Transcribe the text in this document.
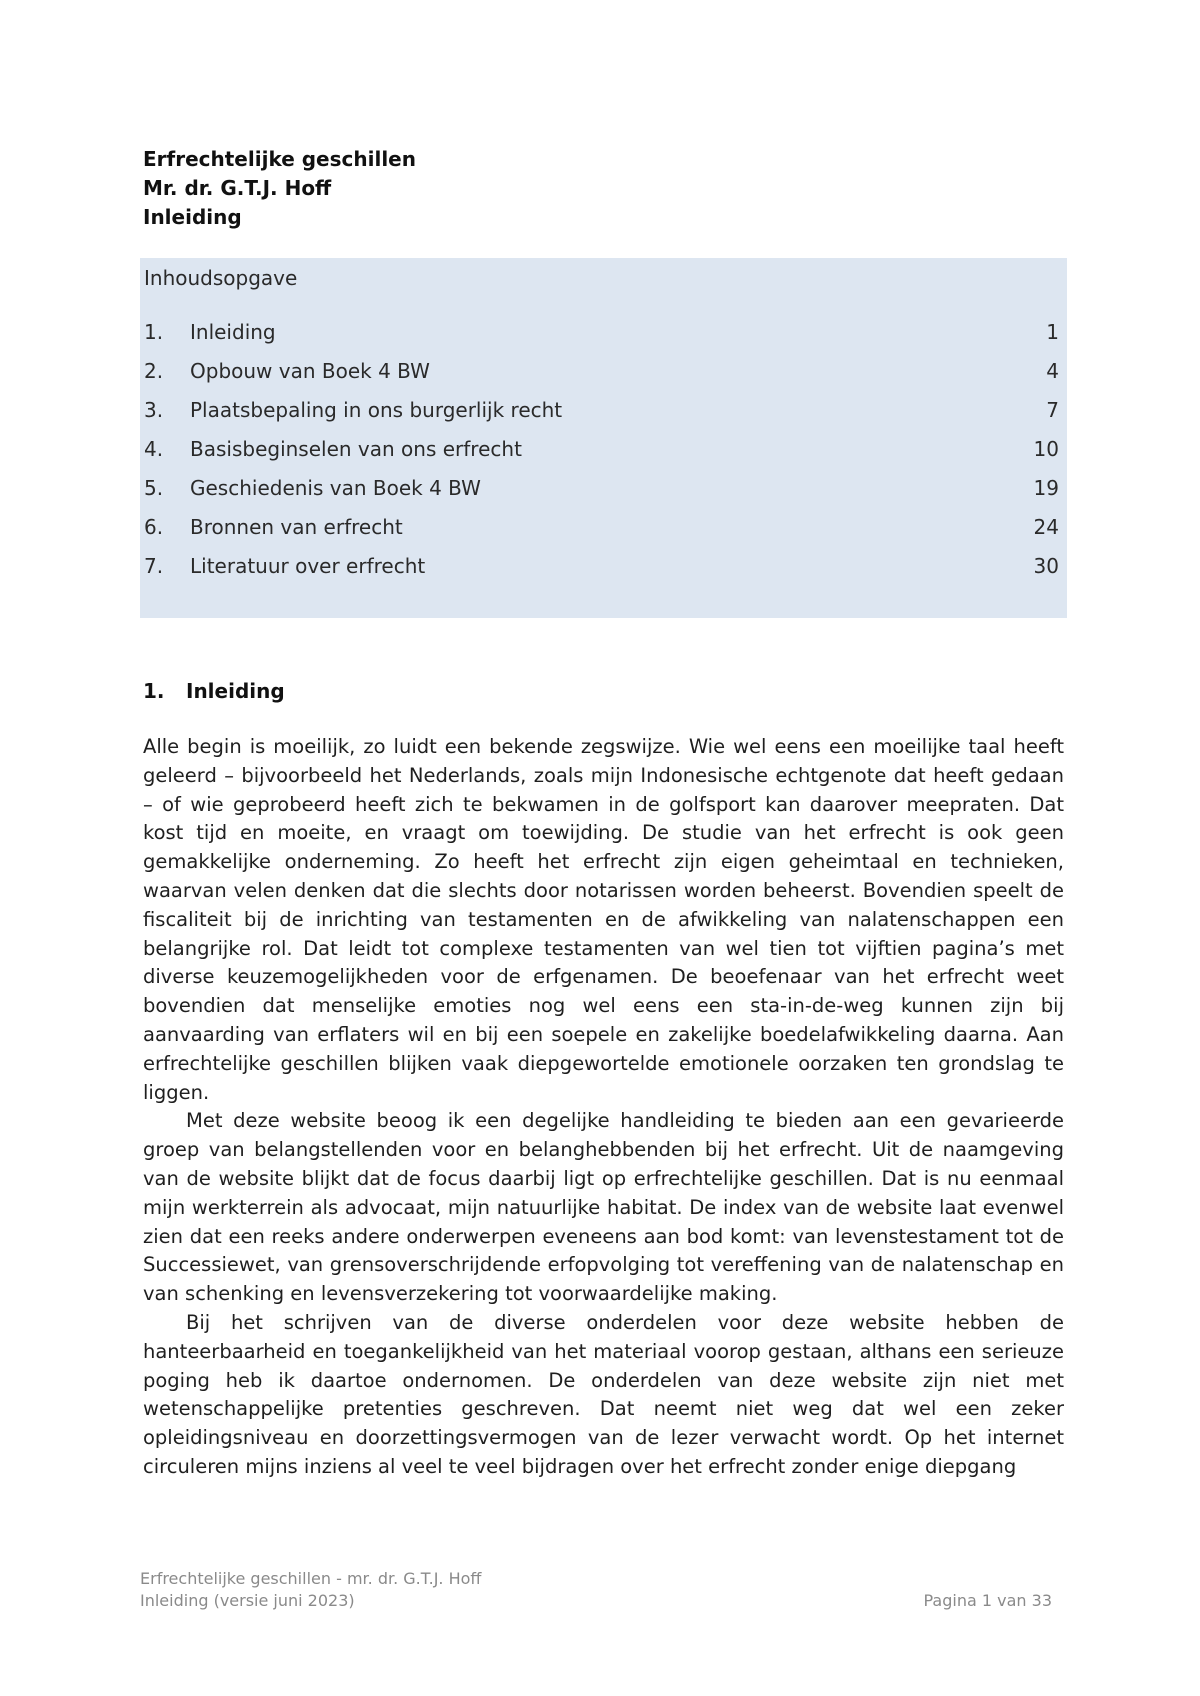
Erfrechtelijke geschillen

Mr. dr. G.T.J. Hoff

Inleiding

Inhoudsopgave
1.	Inleiding	1
2.	Opbouw van Boek 4 BW	4
3.	Plaatsbepaling in ons burgerlijk recht	7
4.	Basisbeginselen van ons erfrecht	10
5.	Geschiedenis van Boek 4 BW	19
6.	Bronnen van erfrecht	24
7.	Literatuur over erfrecht	30
1.	Inleiding

Alle begin is moeilijk, zo luidt een bekende zegswijze. Wie wel eens een moeilijke taal heeft geleerd – bijvoorbeeld het Nederlands, zoals mijn Indonesische echtgenote dat heeft gedaan – of wie geprobeerd heeft zich te bekwamen in de golfsport kan daarover meepraten. Dat kost tijd en moeite, en vraagt om toewijding. De studie van het erfrecht is ook geen gemakkelijke onderneming. Zo heeft het erfrecht zijn eigen geheimtaal en technieken, waarvan velen denken dat die slechts door notarissen worden beheerst. Bovendien speelt de fiscaliteit bij de inrichting van testamenten en de afwikkeling van nalatenschappen een belangrijke rol. Dat leidt tot complexe testamenten van wel tien tot vijftien pagina’s met diverse keuzemogelijkheden voor de erfgenamen. De beoefenaar van het erfrecht weet bovendien dat menselijke emoties nog wel eens een sta-in-de-weg kunnen zijn bij aanvaarding van erflaters wil en bij een soepele en zakelijke boedelafwikkeling daarna. Aan erfrechtelijke geschillen blijken vaak diepgewortelde emotionele oorzaken ten grondslag te liggen.

Met deze website beoog ik een degelijke handleiding te bieden aan een gevarieerde groep van belangstellenden voor en belanghebbenden bij het erfrecht. Uit de naamgeving van de website blijkt dat de focus daarbij ligt op erfrechtelijke geschillen. Dat is nu eenmaal mijn werkterrein als advocaat, mijn natuurlijke habitat. De index van de website laat evenwel zien dat een reeks andere onderwerpen eveneens aan bod komt: van levenstestament tot de Successiewet, van grensoverschrijdende erfopvolging tot vereffening van de nalatenschap en van schenking en levensverzekering tot voorwaardelijke making.

Bij het schrijven van de diverse onderdelen voor deze website hebben de hanteerbaarheid en toegankelijkheid van het materiaal voorop gestaan, althans een serieuze poging heb ik daartoe ondernomen. De onderdelen van deze website zijn niet met wetenschappelijke pretenties geschreven. Dat neemt niet weg dat wel een zeker opleidingsniveau en doorzettingsvermogen van de lezer verwacht wordt. Op het internet circuleren mijns inziens al veel te veel bijdragen over het erfrecht zonder enige diepgang

Erfrechtelijke geschillen - mr. dr. G.T.J. Hoff
Inleiding (versie juni 2023)	Pagina 1 van 33
